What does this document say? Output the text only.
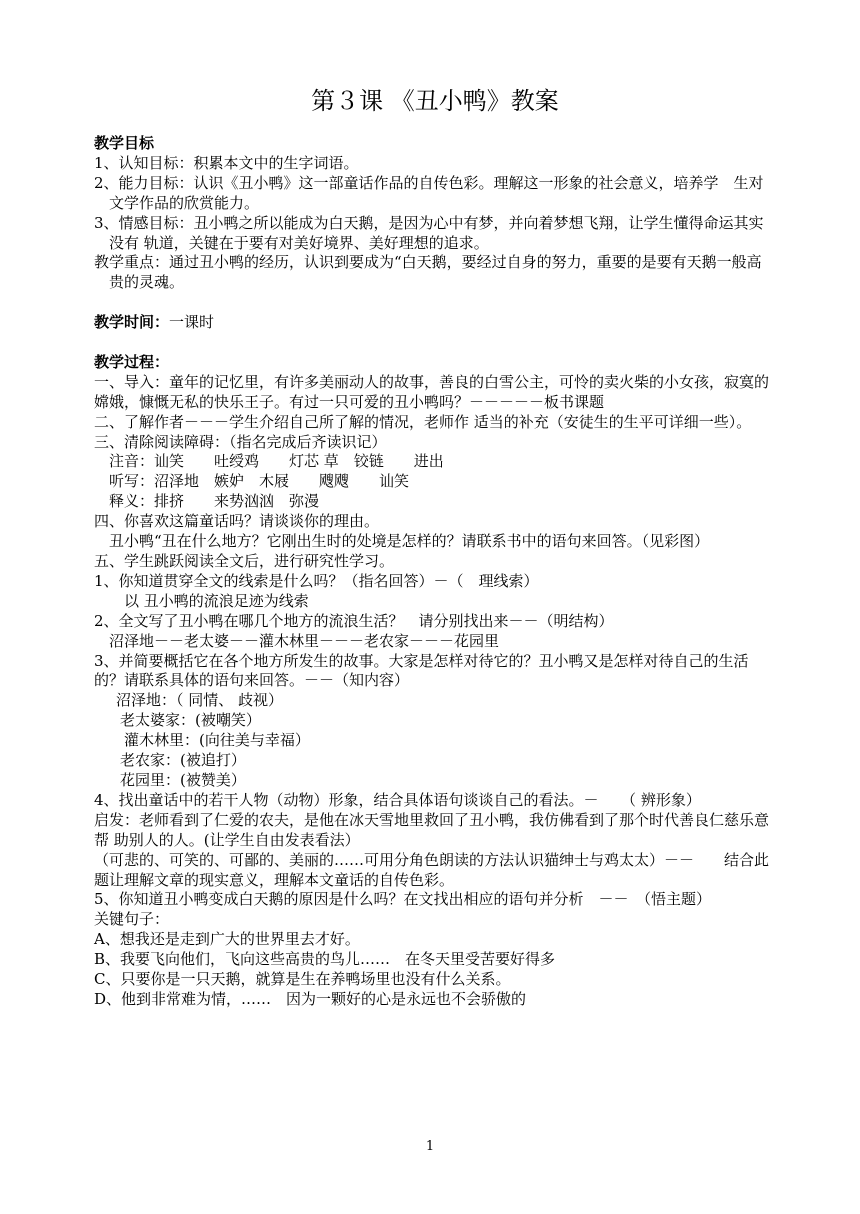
第３课 《丑小鸭》教案
教学目标
1、认知目标：积累本文中的生字词语。
2、能力目标：认识《丑小鸭》这一部童话作品的自传色彩。理解这一形象的社会意义，培养学　生对文学作品的欣赏能力。
3、情感目标：丑小鸭之所以能成为白天鹅，是因为心中有梦，并向着梦想飞翔，让学生懂得命运其实没有 轨道，关键在于要有对美好境界、美好理想的追求。
教学重点：通过丑小鸭的经历，认识到要成为“白天鹅，要经过自身的努力，重要的是要有天鹅一般高贵的灵魂。
教学时间：一课时
教学过程：
一、导入：童年的记忆里，有许多美丽动人的故事，善良的白雪公主，可怜的卖火柴的小女孩，寂寞的嫦娥，慷慨无私的快乐王子。有过一只可爱的丑小鸭吗？－－－－－板书课题
二、了解作者－－－学生介绍自己所了解的情况，老师作 适当的补充（安徒生的生平可详细一些）。
三、清除阅读障碍：（指名完成后齐读识记）
注音：讪笑　　吐绶鸡　　灯芯 草　铰链　　进出
听写：沼泽地　嫉妒　木屐　　飕飕　　讪笑
释义：排挤　　来势汹汹　弥漫
四、你喜欢这篇童话吗？请谈谈你的理由。
丑小鸭“丑在什么地方？它刚出生时的处境是怎样的？请联系书中的语句来回答。（见彩图）
五、学生跳跃阅读全文后，进行研究性学习。
1、你知道贯穿全文的线索是什么吗？（指名回答）－（　理线索）
以 丑小鸭的流浪足迹为线索
2、全文写了丑小鸭在哪几个地方的流浪生活？　请分别找出来－－（明结构）
沼泽地－－老太婆－－灌木林里－－－老农家－－－花园里
3、并简要概括它在各个地方所发生的故事。大家是怎样对待它的？丑小鸭又是怎样对待自己的生活的？请联系具体的语句来回答。－－（知内容）
沼泽地：（ 同情、 歧视）
老太婆家：(被嘲笑）
灌木林里：(向往美与幸福）
老农家：(被追打）
花园里：(被赞美）
4、找出童话中的若干人物（动物）形象，结合具体语句谈谈自己的看法。－　　（ 辨形象）
启发：老师看到了仁爱的农夫，是他在冰天雪地里救回了丑小鸭，我仿佛看到了那个时代善良仁慈乐意帮 助别人的人。(让学生自由发表看法）
（可悲的、可笑的、可鄙的、美丽的……可用分角色朗读的方法认识猫绅士与鸡太太）－－　　结合此题让理解文章的现实意义，理解本文童话的自传色彩。
5、你知道丑小鸭变成白天鹅的原因是什么吗？在文找出相应的语句并分析　－－　（悟主题）
关键句子：
A、想我还是走到广大的世界里去才好。
B、我要飞向他们，飞向这些高贵的鸟儿……　在冬天里受苦要好得多
C、只要你是一只天鹅，就算是生在养鸭场里也没有什么关系。
D、他到非常难为情，……　因为一颗好的心是永远也不会骄傲的
1
